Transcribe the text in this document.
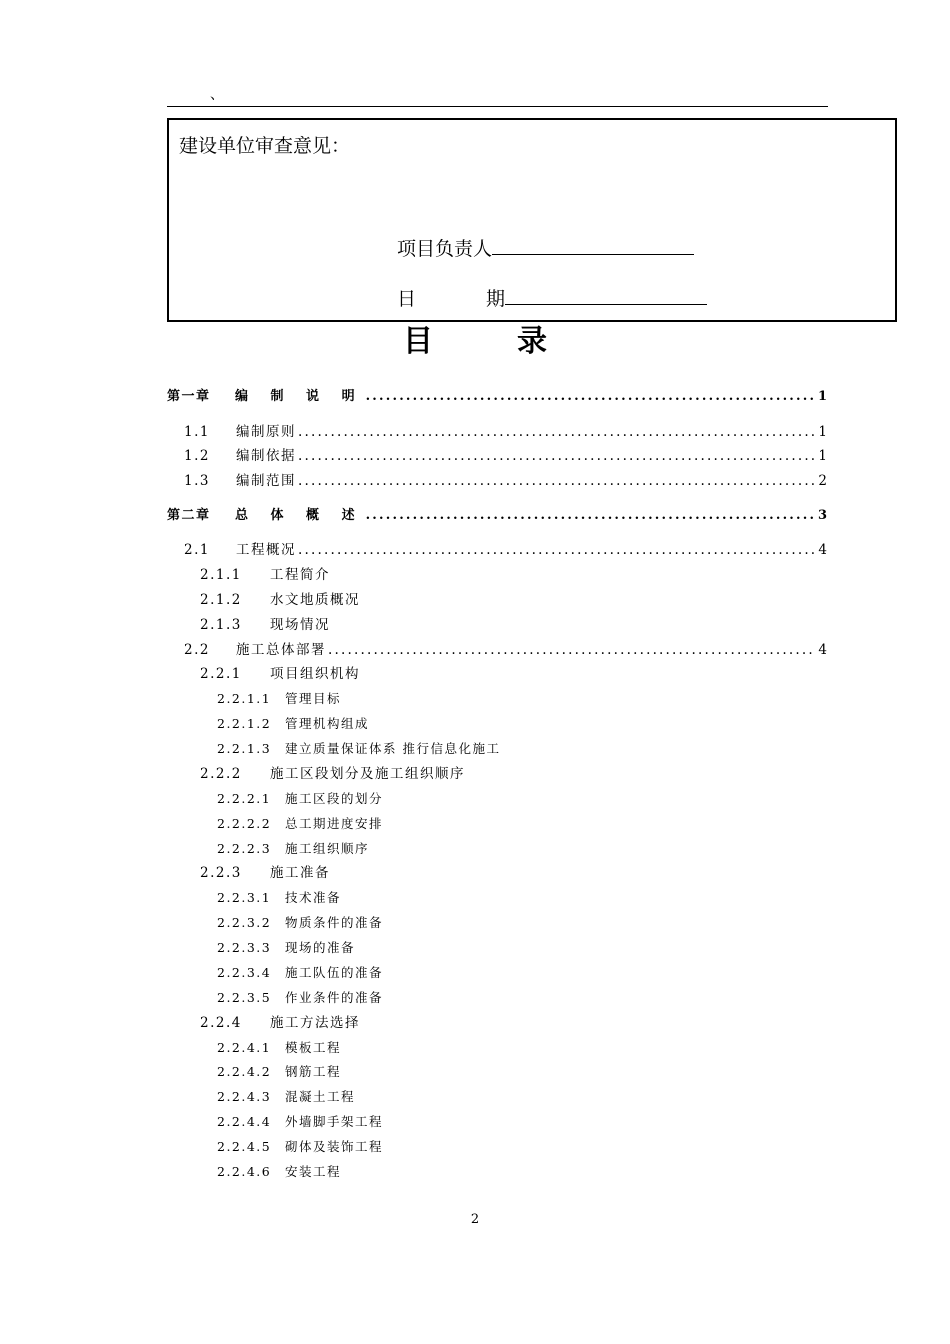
、
建设单位审查意见：
项目负责人
日	期
目	录
第一章	编 制 说 明 .....	1
1.1	编制原则 .....	1
1.2	编制依据 .....	1
1.3	编制范围 .....	2
第二章	总 体 概 述 .....	3
2.1	工程概况 .....	4
2.1.1	工程简介
2.1.2	水文地质概况
2.1.3	现场情况
2.2	施工总体部署 .....	4
2.2.1	项目组织机构
2.2.1.1	管理目标
2.2.1.2	管理机构组成
2.2.1.3	建立质量保证体系 推行信息化施工
2.2.2	施工区段划分及施工组织顺序
2.2.2.1	施工区段的划分
2.2.2.2	总工期进度安排
2.2.2.3	施工组织顺序
2.2.3	施工准备
2.2.3.1	技术准备
2.2.3.2	物质条件的准备
2.2.3.3	现场的准备
2.2.3.4	施工队伍的准备
2.2.3.5	作业条件的准备
2.2.4	施工方法选择
2.2.4.1	模板工程
2.2.4.2	钢筋工程
2.2.4.3	混凝土工程
2.2.4.4	外墙脚手架工程
2.2.4.5	砌体及装饰工程
2.2.4.6	安装工程
2
